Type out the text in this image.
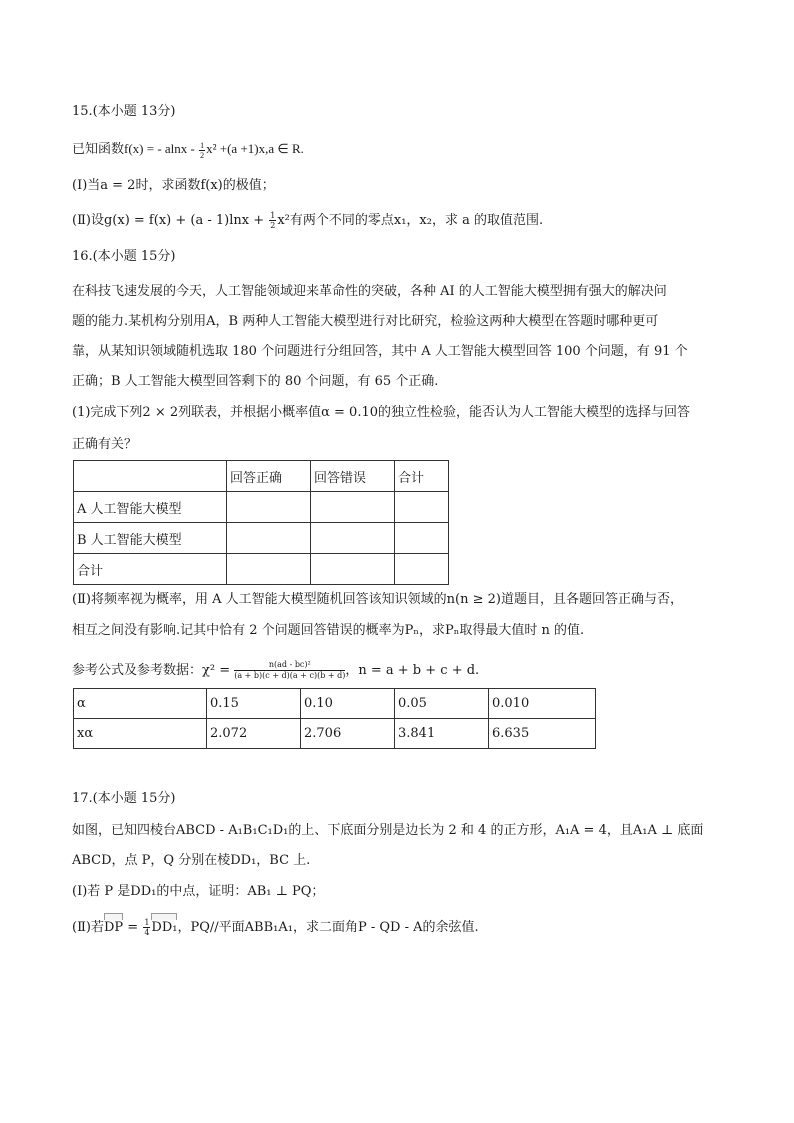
15.(本小题 13分)
已知函数f(x) = - $alnx - \frac{1}{2} x^2 +(a +1)x,a$ ∈ R.
(Ⅰ)当a = 2时，求函数f(x)的极值；
(Ⅱ)设$g(x) = f(x) + (a - 1)\ln x + \frac{1}{2} x^2$有两个不同的零点x₁，x₂，求 a 的取值范围.
16.(本小题 15分)
在科技飞速发展的今天，人工智能领域迎来革命性的突破，各种 AI 的人工智能大模型拥有强大的解决问
题的能力.某机构分别用A，B 两种人工智能大模型进行对比研究，检验这两种大模型在答题时哪种更可
靠，从某知识领域随机选取 180 个问题进行分组回答，其中 A 人工智能大模型回答 100 个问题，有 91 个
正确；B 人工智能大模型回答剩下的 80 个问题，有 65 个正确.
(1)完成下列2 × 2列联表，并根据小概率值α = 0.10的独立性检验，能否认为人工智能大模型的选择与回答
正确有关？
	回答正确	回答错误	合计
A 人工智能大模型			
B 人工智能大模型			
合计			
(Ⅱ)将频率视为概率，用 A 人工智能大模型随机回答该知识领域的n(n ≥ 2)道题目，且各题回答正确与否，
相互之间没有影响.记其中恰有 2 个问题回答错误的概率为Pₙ，求Pₙ取得最大值时 n 的值.
参考公式及参考数据：$\chi^2 = \frac{\text{n(ad - bc)²}}{(a + b)(c + d)(a + c)(b + d)}$ ，n = a + b + c + d.
α	0.15	0.10	0.05	0.010
xα	2.072	2.706	3.841	6.635
17.(本小题 15分)
如图，已知四棱台ABCD - A₁B₁C₁D₁的上、下底面分别是边长为 2 和 4 的正方形，A₁A = 4，且A₁A ⊥ 底面
ABCD，点 P，Q 分别在棱DD₁，BC 上.
(Ⅰ)若 P 是DD₁的中点，证明：AB₁ ⊥ PQ；
(Ⅱ)若DP = $\frac{1}{4} DD_1$，PQ//平面ABB₁A₁，求二面角P - QD - A的余弦值.
